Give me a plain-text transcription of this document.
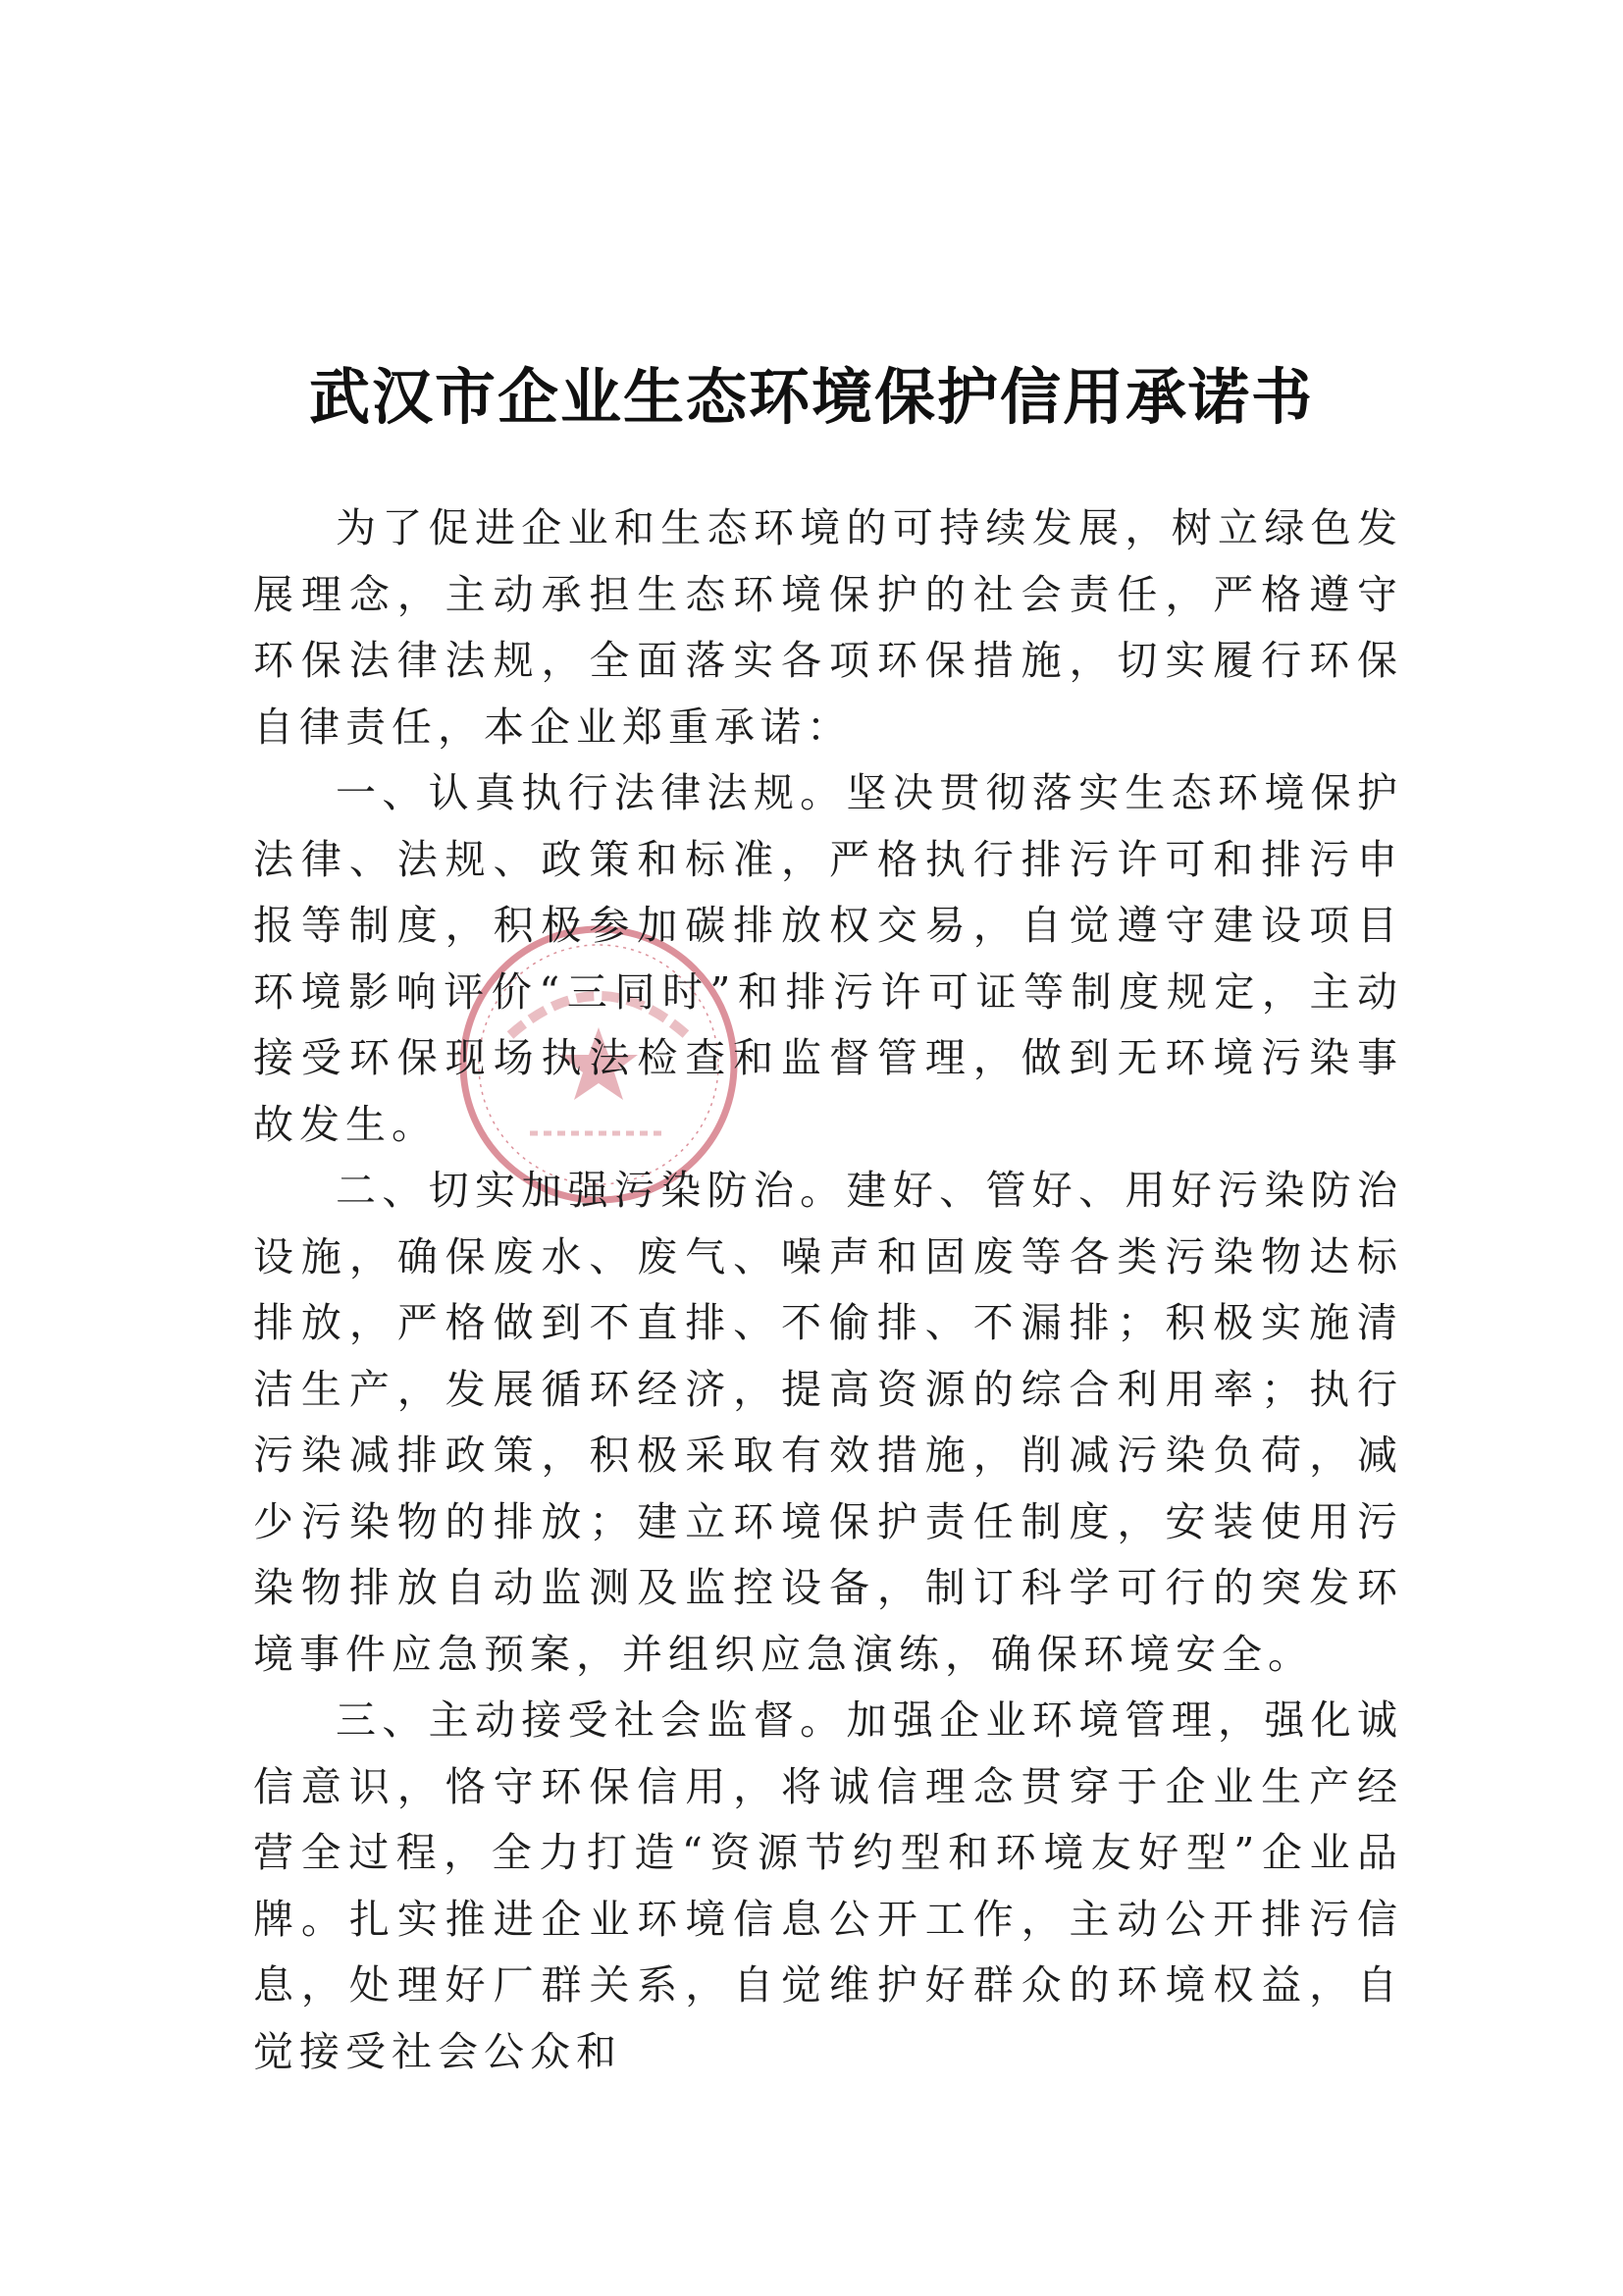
武汉市企业生态环境保护信用承诺书

为了促进企业和生态环境的可持续发展，树立绿色发展理念，主动承担生态环境保护的社会责任，严格遵守环保法律法规，全面落实各项环保措施，切实履行环保自律责任，本企业郑重承诺：

一、认真执行法律法规。坚决贯彻落实生态环境保护法律、法规、政策和标准，严格执行排污许可和排污申报等制度，积极参加碳排放权交易，自觉遵守建设项目环境影响评价“三同时”和排污许可证等制度规定，主动接受环保现场执法检查和监督管理，做到无环境污染事故发生。

二、切实加强污染防治。建好、管好、用好污染防治设施，确保废水、废气、噪声和固废等各类污染物达标排放，严格做到不直排、不偷排、不漏排；积极实施清洁生产，发展循环经济，提高资源的综合利用率；执行污染减排政策，积极采取有效措施，削减污染负荷，减少污染物的排放；建立环境保护责任制度，安装使用污染物排放自动监测及监控设备，制订科学可行的突发环境事件应急预案，并组织应急演练，确保环境安全。

三、主动接受社会监督。加强企业环境管理，强化诚信意识，恪守环保信用，将诚信理念贯穿于企业生产经营全过程，全力打造“资源节约型和环境友好型”企业品牌。扎实推进企业环境信息公开工作，主动公开排污信息，处理好厂群关系，自觉维护好群众的环境权益，自觉接受社会公众和
